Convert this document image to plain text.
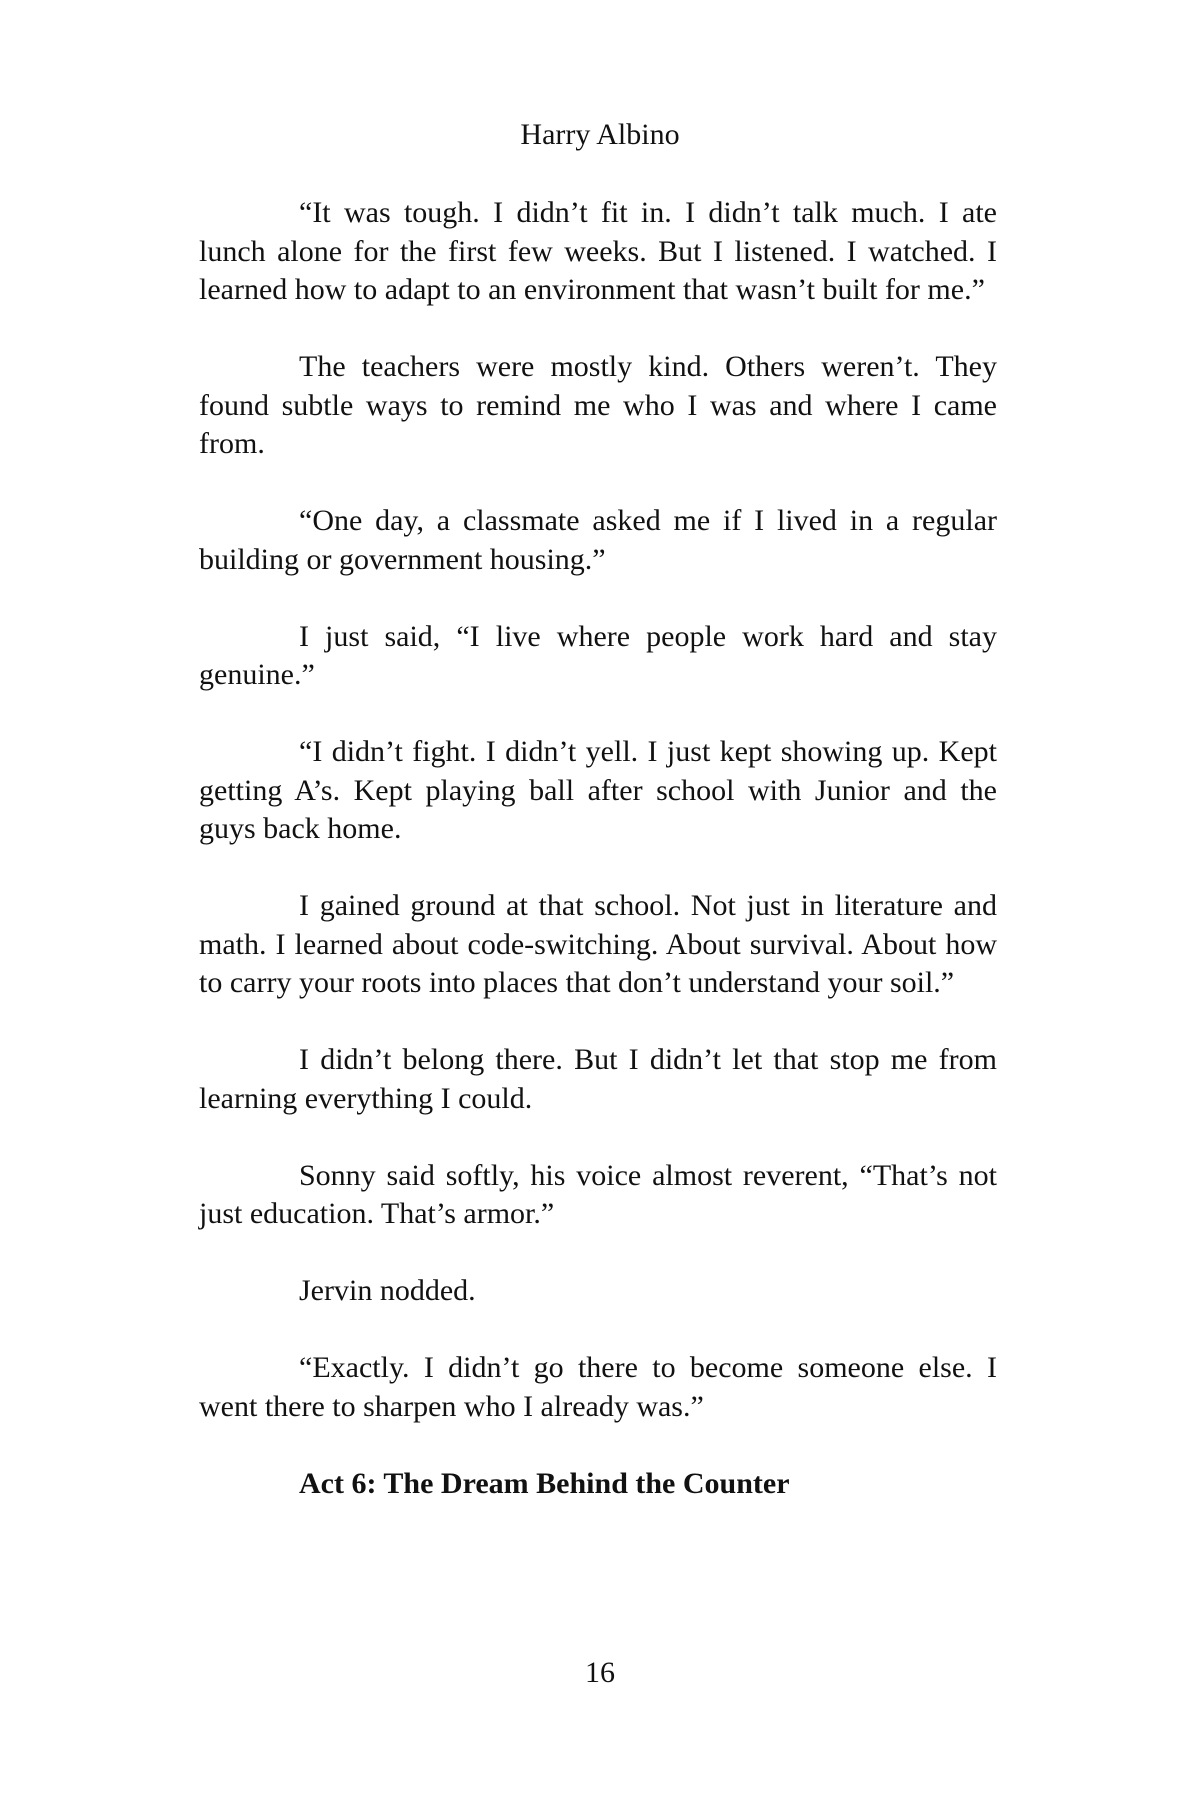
Harry Albino

“It was tough. I didn’t fit in. I didn’t talk much. I ate lunch alone for the first few weeks. But I listened. I watched. I learned how to adapt to an environment that wasn’t built for me.”

The teachers were mostly kind. Others weren’t. They found subtle ways to remind me who I was and where I came from.

“One day, a classmate asked me if I lived in a regular building or government housing.”

I just said, “I live where people work hard and stay genuine.”

“I didn’t fight. I didn’t yell. I just kept showing up. Kept getting A’s. Kept playing ball after school with Junior and the guys back home.

I gained ground at that school. Not just in literature and math. I learned about code-switching. About survival. About how to carry your roots into places that don’t understand your soil.”

I didn’t belong there. But I didn’t let that stop me from learning everything I could.

Sonny said softly, his voice almost reverent, “That’s not just education. That’s armor.”

Jervin nodded.

“Exactly. I didn’t go there to become someone else. I went there to sharpen who I already was.”

Act 6: The Dream Behind the Counter
16
